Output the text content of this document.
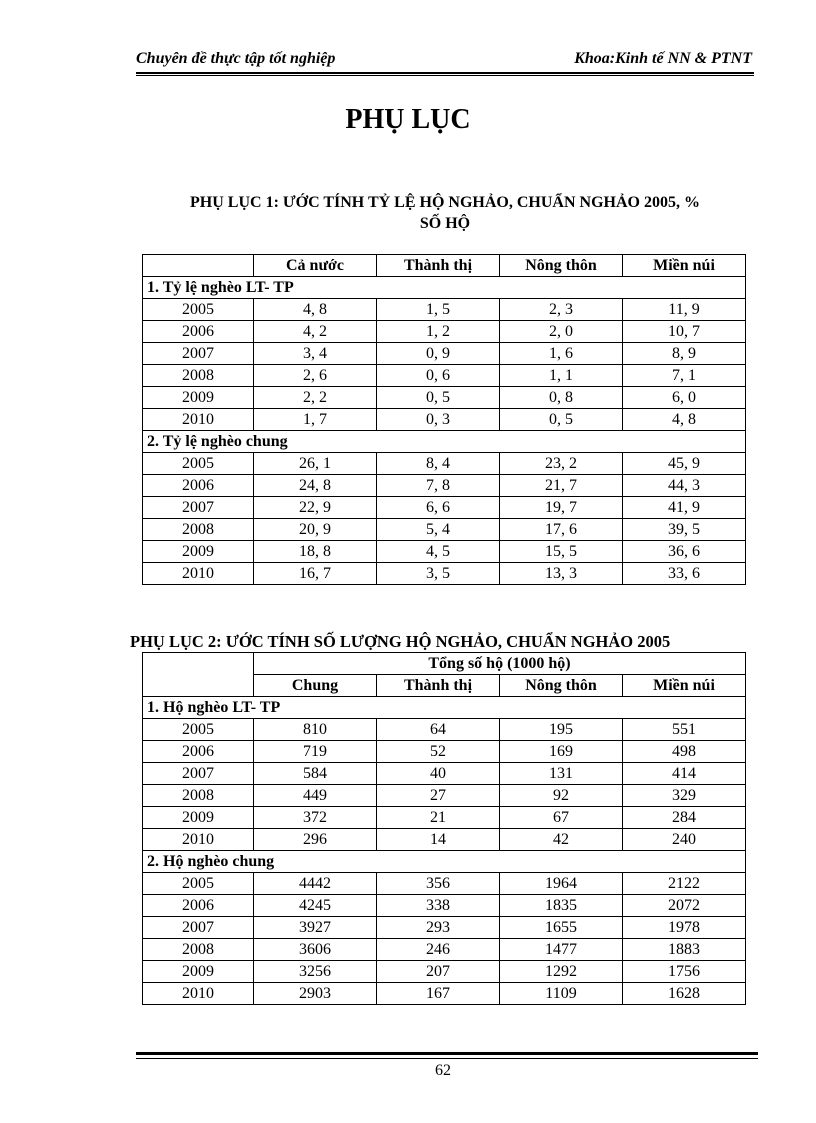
Chuyên đề thực tập tốt nghiệp	Khoa:Kinh tế NN & PTNT
PHỤ LỤC
PHỤ LỤC 1: ƯỚC TÍNH TỶ LỆ HỘ NGHẢO, CHUẨN NGHẢO 2005, %
SỐ HỘ
	Cả nước	Thành thị	Nông thôn	Miền núi
1. Tỷ lệ nghèo LT- TP				
2005	4, 8	1, 5	2, 3	11, 9
2006	4, 2	1, 2	2, 0	10, 7
2007	3, 4	0, 9	1, 6	8, 9
2008	2, 6	0, 6	1, 1	7, 1
2009	2, 2	0, 5	0, 8	6, 0
2010	1, 7	0, 3	0, 5	4, 8
2. Tỷ lệ nghèo chung				
2005	26, 1	8, 4	23, 2	45, 9
2006	24, 8	7, 8	21, 7	44, 3
2007	22, 9	6, 6	19, 7	41, 9
2008	20, 9	5, 4	17, 6	39, 5
2009	18, 8	4, 5	15, 5	36, 6
2010	16, 7	3, 5	13, 3	33, 6
PHỤ LỤC 2: ƯỚC TÍNH SỐ LƯỢNG HỘ NGHẢO, CHUẨN NGHẢO 2005
	Tổng số hộ (1000 hộ)			
	Chung	Thành thị	Nông thôn	Miền núi
1. Hộ nghèo LT- TP				
2005	810	64	195	551
2006	719	52	169	498
2007	584	40	131	414
2008	449	27	92	329
2009	372	21	67	284
2010	296	14	42	240
2. Hộ nghèo chung				
2005	4442	356	1964	2122
2006	4245	338	1835	2072
2007	3927	293	1655	1978
2008	3606	246	1477	1883
2009	3256	207	1292	1756
2010	2903	167	1109	1628
62
